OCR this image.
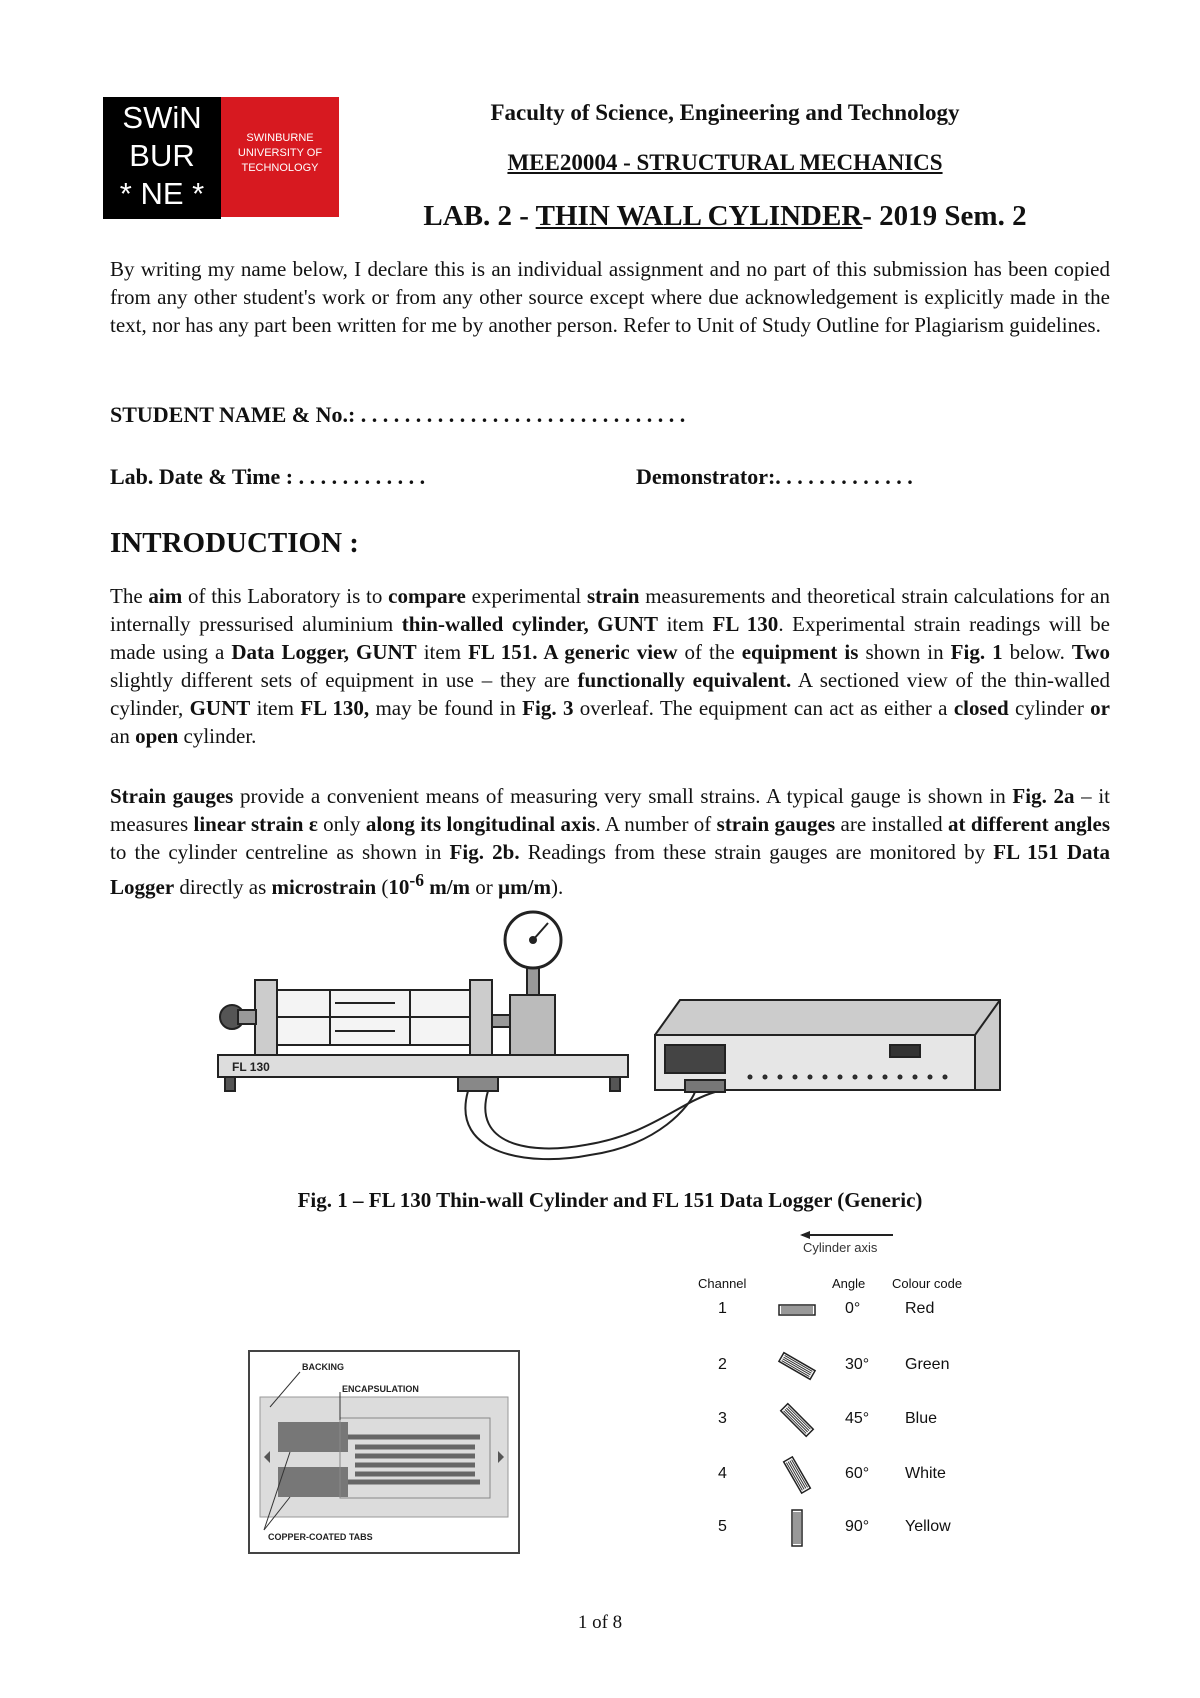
SWiN
BUR
* NE *
SWINBURNE
UNIVERSITY OF
TECHNOLOGY
Faculty of Science, Engineering and Technology
MEE20004 - STRUCTURAL MECHANICS
LAB. 2 - THIN WALL CYLINDER- 2019 Sem. 2
By writing my name below, I declare this is an individual assignment and no part of this submission has been copied from any other student's work or from any other source except where due acknowledgement is explicitly made in the text, nor has any part been written for me by another person. Refer to Unit of Study Outline for Plagiarism guidelines.
STUDENT NAME & No.: . . . . . . . . . . . . . . . . . . . . . . . . . . . . . .
Lab. Date & Time : . . . . . . . . . . . .	Demonstrator:. . . . . . . . . . . . .
INTRODUCTION :
The aim of this Laboratory is to compare experimental strain measurements and theoretical strain calculations for an internally pressurised aluminium thin-walled cylinder, GUNT item FL 130. Experimental strain readings will be made using a Data Logger, GUNT item FL 151. A generic view of the equipment is shown in Fig. 1 below. Two slightly different sets of equipment in use – they are functionally equivalent. A sectioned view of the thin-walled cylinder, GUNT item FL 130, may be found in Fig. 3 overleaf. The equipment can act as either a closed cylinder or an open cylinder.
Strain gauges provide a convenient means of measuring very small strains. A typical gauge is shown in Fig. 2a – it measures linear strain ε only along its longitudinal axis. A number of strain gauges are installed at different angles to the cylinder centreline as shown in Fig. 2b. Readings from these strain gauges are monitored by FL 151 Data Logger directly as microstrain ($10^{-6}$ m/m or µm/m).
FL 130
Fig. 1 – FL 130 Thin-wall Cylinder and FL 151 Data Logger (Generic)
BACKING
ENCAPSULATION
COPPER-COATED TABS
Cylinder axis
Channel	Angle Colour code
1	0°	Red
2	30° Green
3	45° Blue
4	60° White
5	90° Yellow
1 of 8
